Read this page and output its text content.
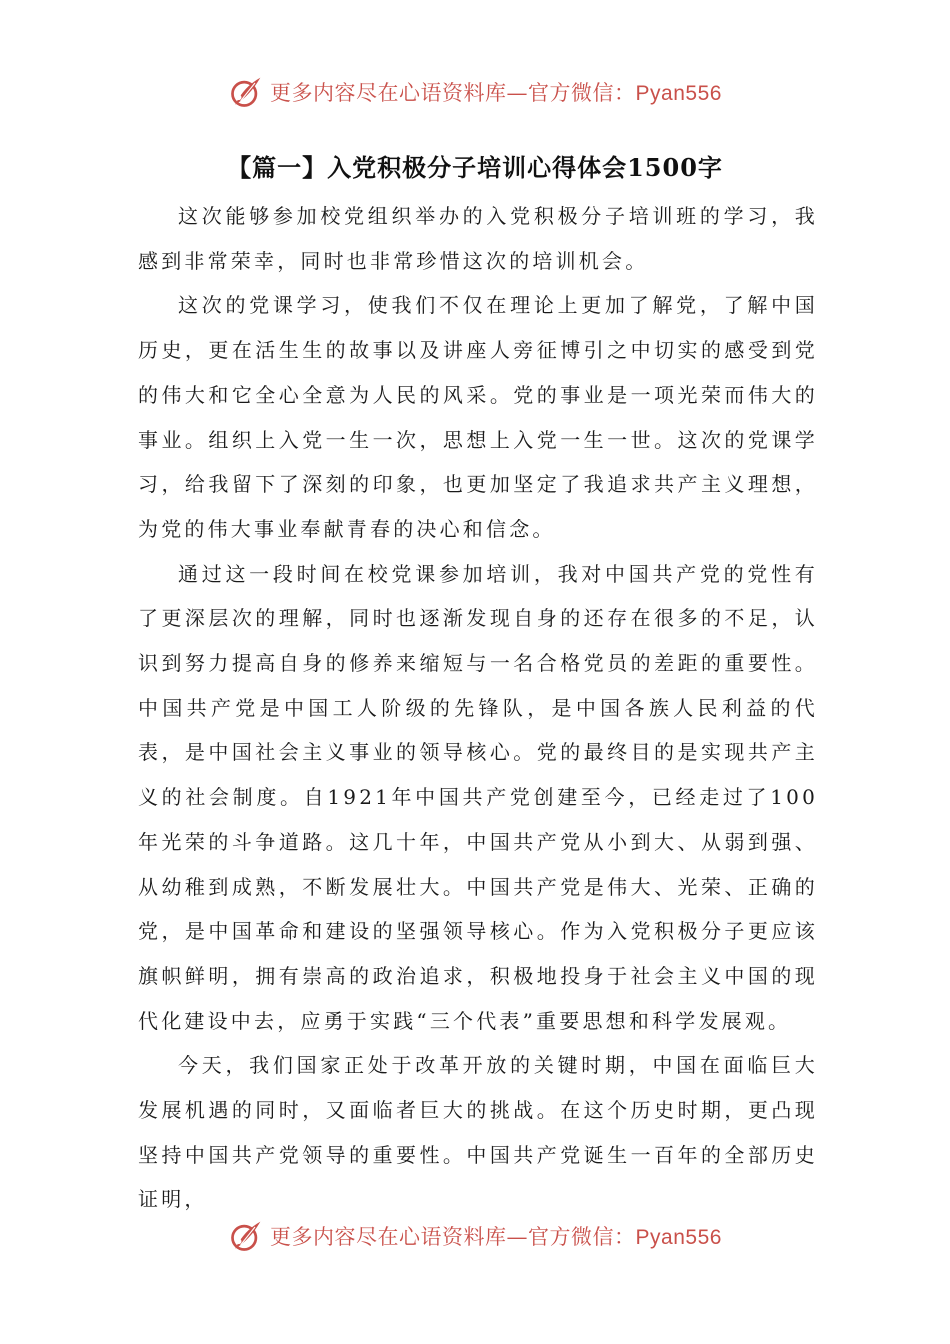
更多内容尽在心语资料库—官方微信：Pyan556
【篇一】入党积极分子培训心得体会1500字

这次能够参加校党组织举办的入党积极分子培训班的学习，我感到非常荣幸，同时也非常珍惜这次的培训机会。

这次的党课学习，使我们不仅在理论上更加了解党，了解中国历史，更在活生生的故事以及讲座人旁征博引之中切实的感受到党的伟大和它全心全意为人民的风采。党的事业是一项光荣而伟大的事业。组织上入党一生一次，思想上入党一生一世。这次的党课学习，给我留下了深刻的印象，也更加坚定了我追求共产主义理想，为党的伟大事业奉献青春的决心和信念。

通过这一段时间在校党课参加培训，我对中国共产党的党性有了更深层次的理解，同时也逐渐发现自身的还存在很多的不足，认识到努力提高自身的修养来缩短与一名合格党员的差距的重要性。中国共产党是中国工人阶级的先锋队，是中国各族人民利益的代表，是中国社会主义事业的领导核心。党的最终目的是实现共产主义的社会制度。自1921年中国共产党创建至今，已经走过了100年光荣的斗争道路。这几十年，中国共产党从小到大、从弱到强、从幼稚到成熟，不断发展壮大。中国共产党是伟大、光荣、正确的党，是中国革命和建设的坚强领导核心。作为入党积极分子更应该旗帜鲜明，拥有崇高的政治追求，积极地投身于社会主义中国的现代化建设中去，应勇于实践“三个代表”重要思想和科学发展观。

今天，我们国家正处于改革开放的关键时期，中国在面临巨大发展机遇的同时，又面临者巨大的挑战。在这个历史时期，更凸现坚持中国共产党领导的重要性。中国共产党诞生一百年的全部历史证明，

更多内容尽在心语资料库—官方微信：Pyan556
